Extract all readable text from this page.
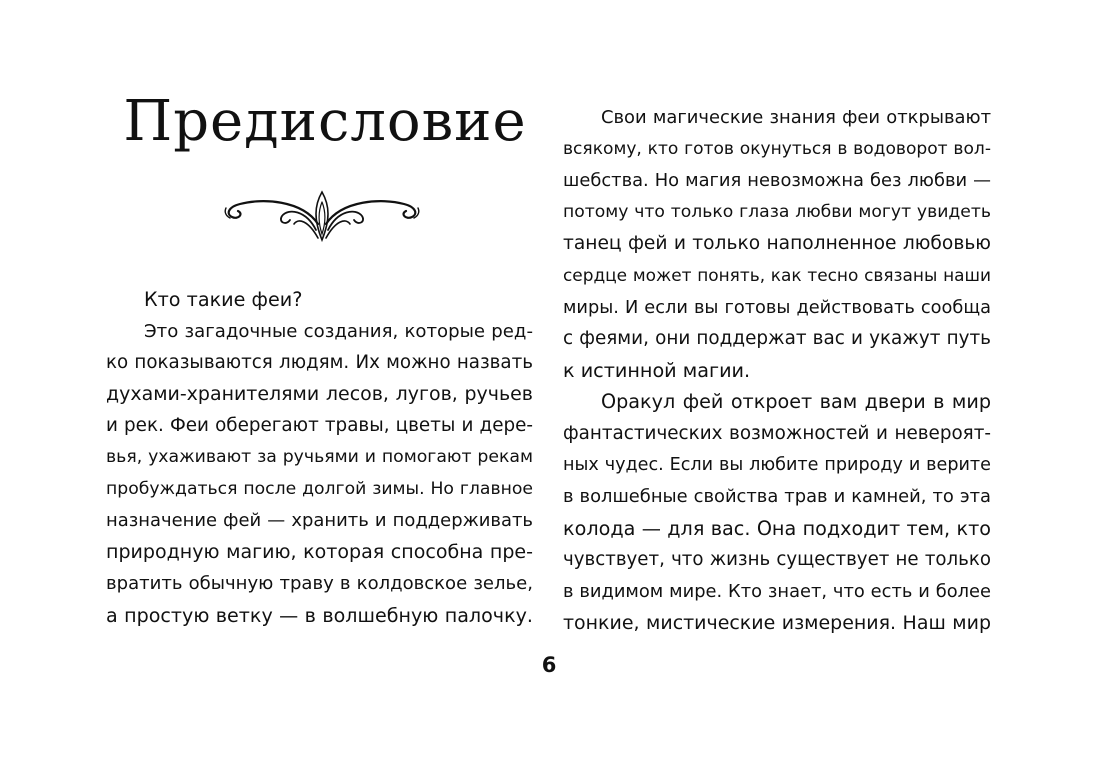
Предисловие

Кто такие феи?

Это загадочные создания, которые ред-

ко показываются людям. Их можно назвать

духами-хранителями лесов, лугов, ручьев

и рек. Феи оберегают травы, цветы и дере-

вья, ухаживают за ручьями и помогают рекам

пробуждаться после долгой зимы. Но главное

назначение фей — хранить и поддерживать

природную магию, которая способна пре-

вратить обычную траву в колдовское зелье,

а простую ветку — в волшебную палочку.

Свои магические знания феи открывают

всякому, кто готов окунуться в водоворот вол-

шебства. Но магия невозможна без любви —

потому что только глаза любви могут увидеть

танец фей и только наполненное любовью

сердце может понять, как тесно связаны наши

миры. И если вы готовы действовать сообща

с феями, они поддержат вас и укажут путь

к истинной магии.

Оракул фей откроет вам двери в мир

фантастических возможностей и невероят-

ных чудес. Если вы любите природу и верите

в волшебные свойства трав и камней, то эта

колода — для вас. Она подходит тем, кто

чувствует, что жизнь существует не только

в видимом мире. Кто знает, что есть и более

тонкие, мистические измерения. Наш мир

6
